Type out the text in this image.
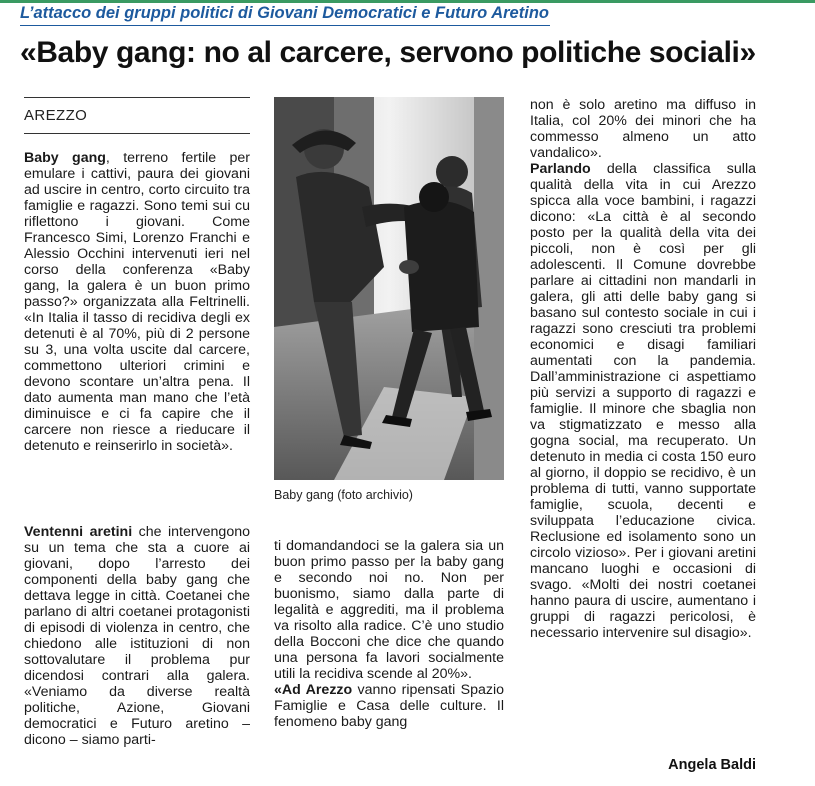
L’attacco dei gruppi politici di Giovani Democratici e Futuro Aretino
«Baby gang: no al carcere, servono politiche sociali»
AREZZO

Baby gang, terreno fertile per emulare i cattivi, paura dei giovani ad uscire in centro, corto circuito tra famiglie e ragazzi. Sono temi sui cu riflettono i giovani. Come Francesco Simi, Lorenzo Franchi e Alessio Occhini intervenuti ieri nel corso della conferenza «Baby gang, la galera è un buon primo passo?» organizzata alla Feltrinelli. «In Italia il tasso di recidiva degli ex detenuti è al 70%, più di 2 persone su 3, una volta uscite dal carcere, commettono ulteriori crimini e devono scontare un’altra pena. Il dato aumenta man mano che l’età diminuisce e ci fa capire che il carcere non riesce a rieducare il detenuto e reinserirlo in società».

Ventenni aretini che intervengono su un tema che sta a cuore ai giovani, dopo l’arresto dei componenti della baby gang che dettava legge in città. Coetanei che parlano di altri coetanei protagonisti di episodi di violenza in centro, che chiedono alle istituzioni di non sottovalutare il problema pur dicendosi contrari alla galera. «Veniamo da diverse realtà politiche, Azione, Giovani democratici e Futuro aretino – dicono – siamo parti-

Baby gang (foto archivio)

ti domandandoci se la galera sia un buon primo passo per la baby gang e secondo noi no. Non per buonismo, siamo dalla parte di legalità e aggrediti, ma il problema va risolto alla radice. C’è uno studio della Bocconi che dice che quando una persona fa lavori socialmente utili la recidiva scende al 20%».

«Ad Arezzo vanno ripensati Spazio Famiglie e Casa delle culture. Il fenomeno baby gang

non è solo aretino ma diffuso in Italia, col 20% dei minori che ha commesso almeno un atto vandalico».

Parlando della classifica sulla qualità della vita in cui Arezzo spicca alla voce bambini, i ragazzi dicono: «La città è al secondo posto per la qualità della vita dei piccoli, non è così per gli adolescenti. Il Comune dovrebbe parlare ai cittadini non mandarli in galera, gli atti delle baby gang si basano sul contesto sociale in cui i ragazzi sono cresciuti tra problemi economici e disagi familiari aumentati con la pandemia. Dall’amministrazione ci aspettiamo più servizi a supporto di ragazzi e famiglie. Il minore che sbaglia non va stigmatizzato e messo alla gogna social, ma recuperato. Un detenuto in media ci costa 150 euro al giorno, il doppio se recidivo, è un problema di tutti, vanno supportate famiglie, scuola, decenti e sviluppata l’educazione civica. Reclusione ed isolamento sono un circolo vizioso». Per i giovani aretini mancano luoghi e occasioni di svago. «Molti dei nostri coetanei hanno paura di uscire, aumentano i gruppi di ragazzi pericolosi, è necessario intervenire sul disagio».

Angela Baldi
